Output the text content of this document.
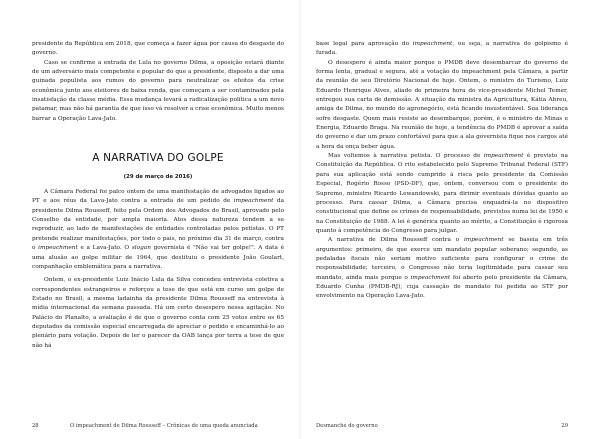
presidente da República em 2018, que começa a fazer água por causa do desgaste do governo.

Caso se confirme a entrada de Lula no governo Dilma, a oposição estará diante de um adversário mais competente e popular do que a presidente, disposto a dar uma guinada populista aos rumos do governo para neutralizar os efeitos da crise econômica junto aos eleitores de baixa renda, que começam a ser contaminados pela insatisfação da classe média. Essa mudança levará a radicalização política a um novo patamar, mas não há garantia de que isso vá resolver a crise econômica. Muito menos barrar a Operação Lava-Jato.

A NARRATIVA DO GOLPE
(29 de março de 2016)

A Câmara Federal foi palco ontem de uma manifestação de advogados ligados ao PT e aos réus da Lava-Jato contra a entrada de um pedido de impeachment da presidente Dilma Rousseff, feito pela Ordem dos Advogados do Brasil, aprovado pelo Conselho da entidade, por ampla maioria. Atos dessa natureza tendem a se reproduzir, ao lado de manifestações de entidades controladas pelos petistas. O PT pretende realizar manifestações, por todo o país, no próximo dia 31 de março, contra o impeachment e a Lava-Jato. O slogan governista é "Não vai ter golpe!". A data é uma alusão ao golpe militar de 1964, que destituiu o presidente João Goulart, companhação emblemática para a narrativa.

Ontem, o ex-presidente Luiz Inácio Lula da Silva concedeu entrevista coletiva a correspondentes estrangeiros e reforçou a tese de que está em curso um golpe de Estado no Brasil, a mesma ladainha da presidente Dilma Rousseff na entrevista à mídia internacional da semana passada. Há um certo desespero nessa agitação. No Palácio do Planalto, a avaliação é de que o governo conta com 25 votos entre os 65 deputados da comissão especial encarregada de apreciar o pedido e encaminhá-lo ao plenário para votação. Depois de ler o parecer da OAB lança por terra a tese de que não há

28	O impeachment de Dilma Rousseff – Crônicas de uma queda anunciada

base legal para aprovação do impeachment, ou seja, a narrativa do golpismo é furada.

O desespero é ainda maior porque o PMDB deve desembarcar do governo de forma lenta, gradual e segura, até a votação do impeachment pela Câmara, a partir da reunião de seu Diretório Nacional de hoje. Ontem, o ministro do Turismo, Luiz Eduardo Henrique Alves, aliado de primeira hora do vice-presidente Michel Temer, entregou sua carta de demissão. A situação da ministra da Agricultura, Kátia Abreu, amiga de Dilma, no mundo do agronegócio, está ficando insustentável. Sua liderança sofre desgaste. Quem mais resiste ao desembarque, porém, é o ministro de Minas e Energia, Eduardo Braga. Na reunião de hoje, a tendência do PMDB é aprovar a saída do governo e dar um prazo confortável para que a ala governista fique nos cargos até a hora da onça beber água.

Mas voltemos à narrativa petista. O processo de impeachment é previsto na Constituição da República. O rito estabelecido pelo Supremo Tribunal Federal (STF) para sua aplicação está sendo cumprido à risca pelo presidente da Comissão Especial, Rogério Rosso (PSD-DF), que, ontem, conversou com o presidente do Supremo, ministro Ricardo Lewandowski, para dirimir eventuais dúvidas quanto ao processo. Para cassar Dilma, a Câmara precisa enquadrá-la no dispositivo constitucional que define os crimes de responsabilidade, previstos numa lei de 1950 e na Constituição de 1988. A lei é genérica quanto ao mérito, a Constituição é rigorosa quanto à competência do Congresso para julgar.

A narrativa de Dilma Rousseff contra o impeachment se baseia em três argumentos: primeiro, de que exerce um mandato popular soberano; segundo, as pedaladas fiscais não seriam motivo suficiente para configurar o crime de responsabilidade; terceiro, o Congresso não teria legitimidade para cassar seu mandato, ainda mais porque o impeachment foi aberto pelo presidente da Câmara, Eduardo Cunha (PMDB-RJ), cuja cassação de mandato foi pedida ao STF por envolvimento na Operação Lava-Jato.

Desmanche do governo	29
